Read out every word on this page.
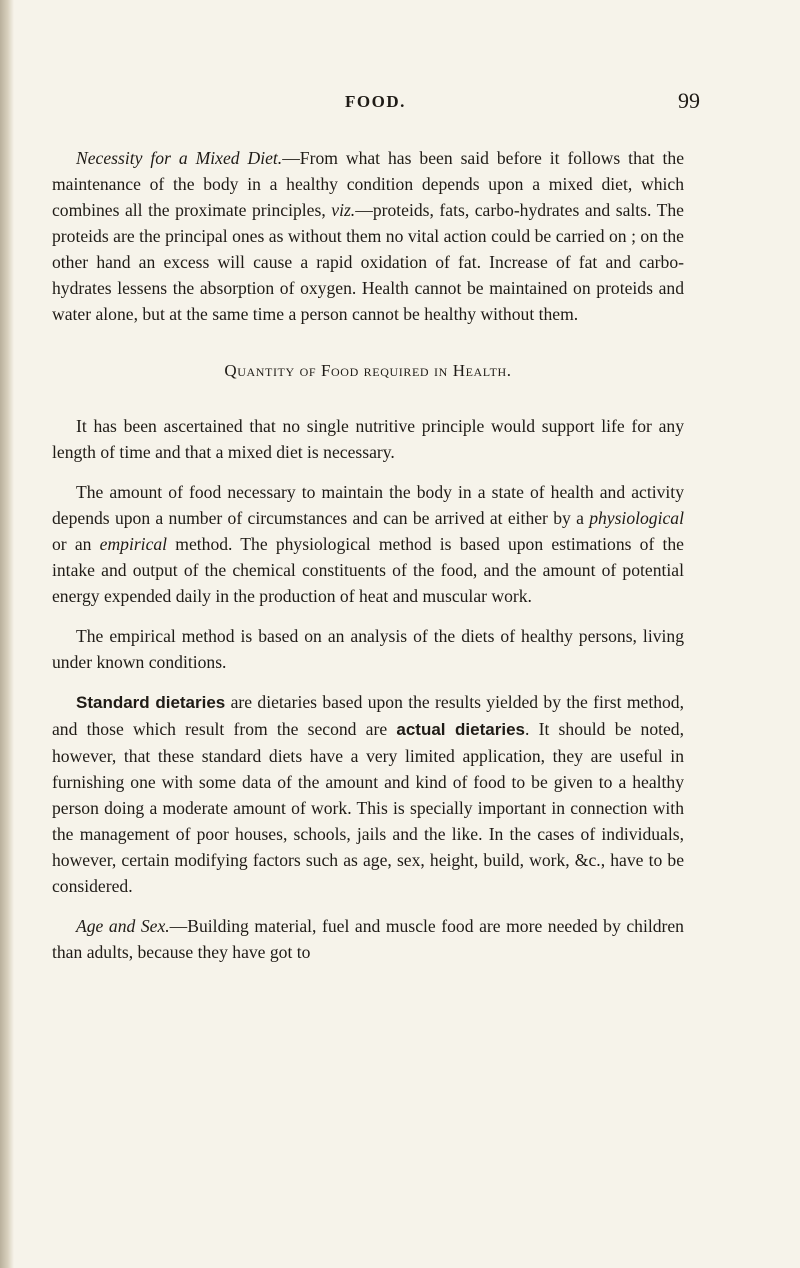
FOOD.	99

Necessity for a Mixed Diet.—From what has been said before it follows that the maintenance of the body in a healthy condition depends upon a mixed diet, which combines all the proximate principles, viz.—proteids, fats, carbo-hydrates and salts. The proteids are the principal ones as without them no vital action could be carried on ; on the other hand an excess will cause a rapid oxidation of fat. Increase of fat and carbo-hydrates lessens the absorption of oxygen. Health cannot be maintained on proteids and water alone, but at the same time a person cannot be healthy without them.

Quantity of Food required in Health.

It has been ascertained that no single nutritive principle would support life for any length of time and that a mixed diet is necessary.

The amount of food necessary to maintain the body in a state of health and activity depends upon a number of circumstances and can be arrived at either by a physiological or an empirical method. The physiological method is based upon estimations of the intake and output of the chemical constituents of the food, and the amount of potential energy expended daily in the production of heat and muscular work.

The empirical method is based on an analysis of the diets of healthy persons, living under known conditions.

Standard dietaries are dietaries based upon the results yielded by the first method, and those which result from the second are actual dietaries. It should be noted, however, that these standard diets have a very limited application, they are useful in furnishing one with some data of the amount and kind of food to be given to a healthy person doing a moderate amount of work. This is specially important in connection with the management of poor houses, schools, jails and the like. In the cases of individuals, however, certain modifying factors such as age, sex, height, build, work, &c., have to be considered.

Age and Sex.—Building material, fuel and muscle food are more needed by children than adults, because they have got to
